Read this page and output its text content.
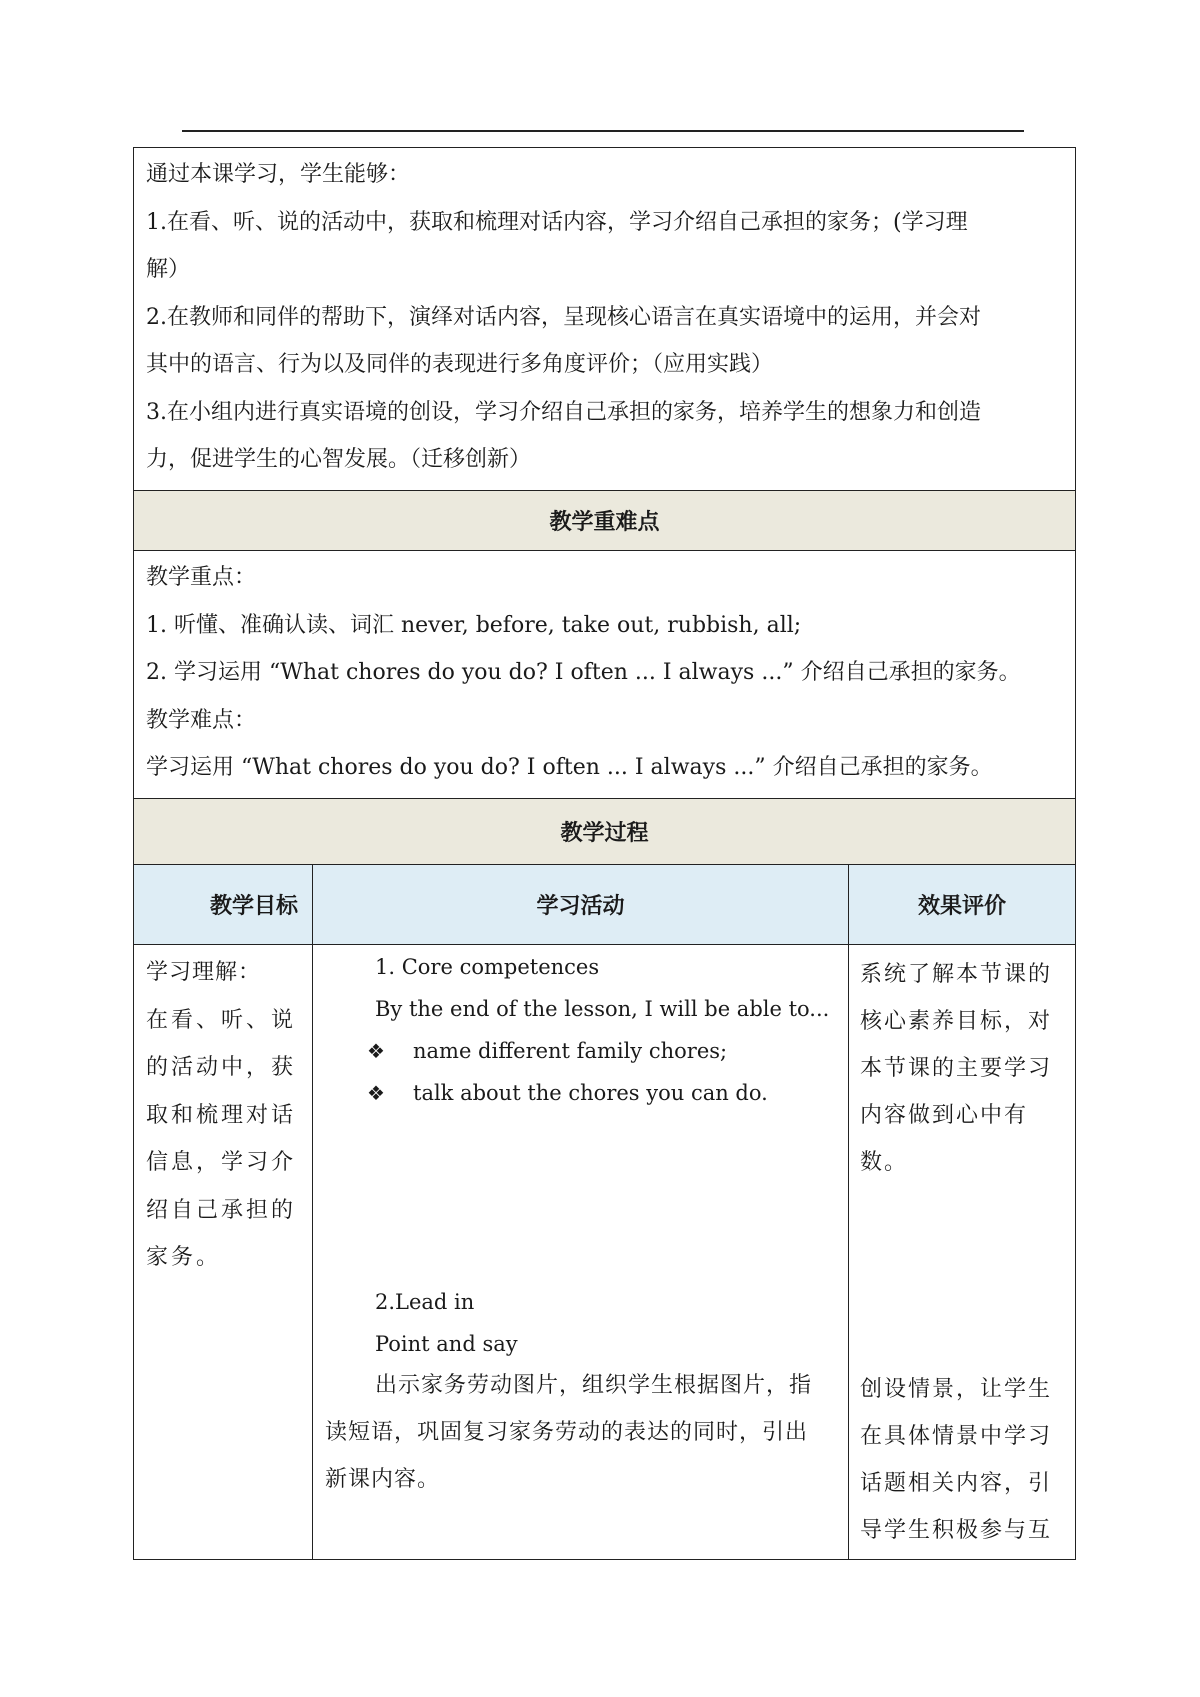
通过本课学习，学生能够：
1.在看、听、说的活动中，获取和梳理对话内容，学习介绍自己承担的家务；(学习理
解）
2.在教师和同伴的帮助下，演绎对话内容，呈现核心语言在真实语境中的运用，并会对
其中的语言、行为以及同伴的表现进行多角度评价；（应用实践）
3.在小组内进行真实语境的创设，学习介绍自己承担的家务，培养学生的想象力和创造
力，促进学生的心智发展。（迁移创新）
教学重难点
教学重点：
1. 听懂、准确认读、词汇 never, before, take out, rubbish, all;
2. 学习运用 “What chores do you do? I often ... I always ...” 介绍自己承担的家务。
教学难点：
学习运用 “What chores do you do? I often ... I always ...” 介绍自己承担的家务。
教学过程
教学目标	学习活动	效果评价
学习理解：
在看、听、说
的活动中，获
取和梳理对话
信息，学习介
绍自己承担的
家务。
1. Core competences
By the end of the lesson, I will be able to...
❖ name different family chores;
❖ talk about the chores you can do.
2.Lead in
Point and say
出示家务劳动图片，组织学生根据图片，指
读短语，巩固复习家务劳动的表达的同时，引出
新课内容。
系统了解本节课的
核心素养目标，对
本节课的主要学习
内容做到心中有
数。
创设情景，让学生
在具体情景中学习
话题相关内容，引
导学生积极参与互
